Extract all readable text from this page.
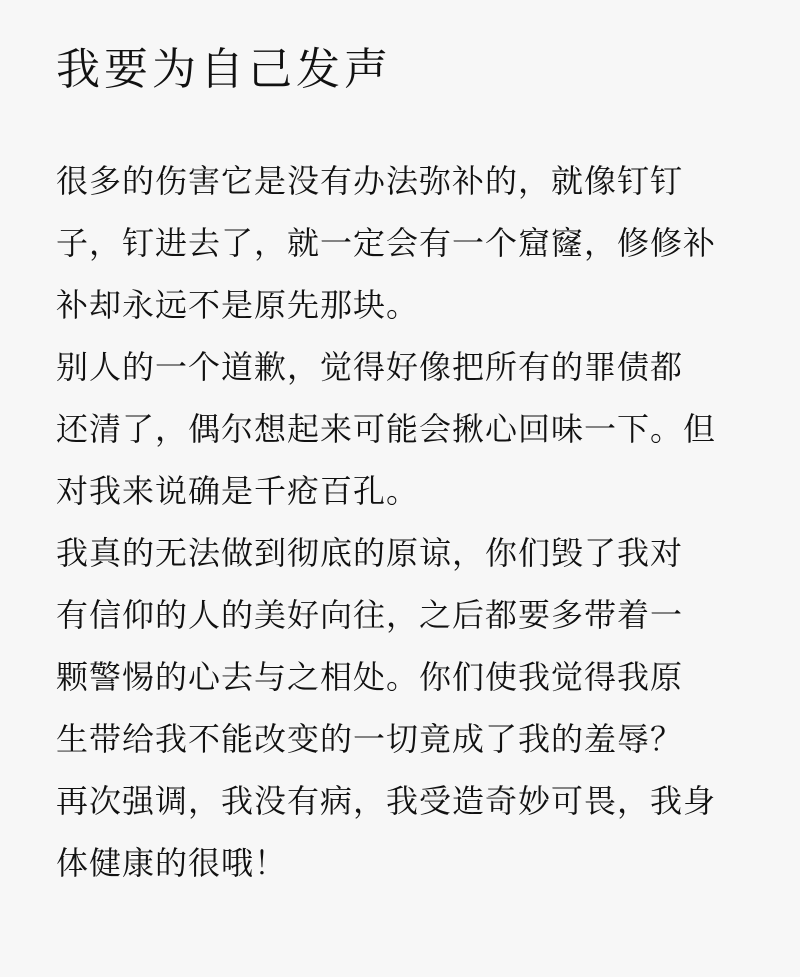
我要为自己发声
很多的伤害它是没有办法弥补的，就像钉钉
子，钉进去了，就一定会有一个窟窿，修修补
补却永远不是原先那块。
别人的一个道歉，觉得好像把所有的罪债都
还清了，偶尔想起来可能会揪心回味一下。但
对我来说确是千疮百孔。
我真的无法做到彻底的原谅，你们毁了我对
有信仰的人的美好向往，之后都要多带着一
颗警惕的心去与之相处。你们使我觉得我原
生带给我不能改变的一切竟成了我的羞辱？
再次强调，我没有病，我受造奇妙可畏，我身
体健康的很哦！
